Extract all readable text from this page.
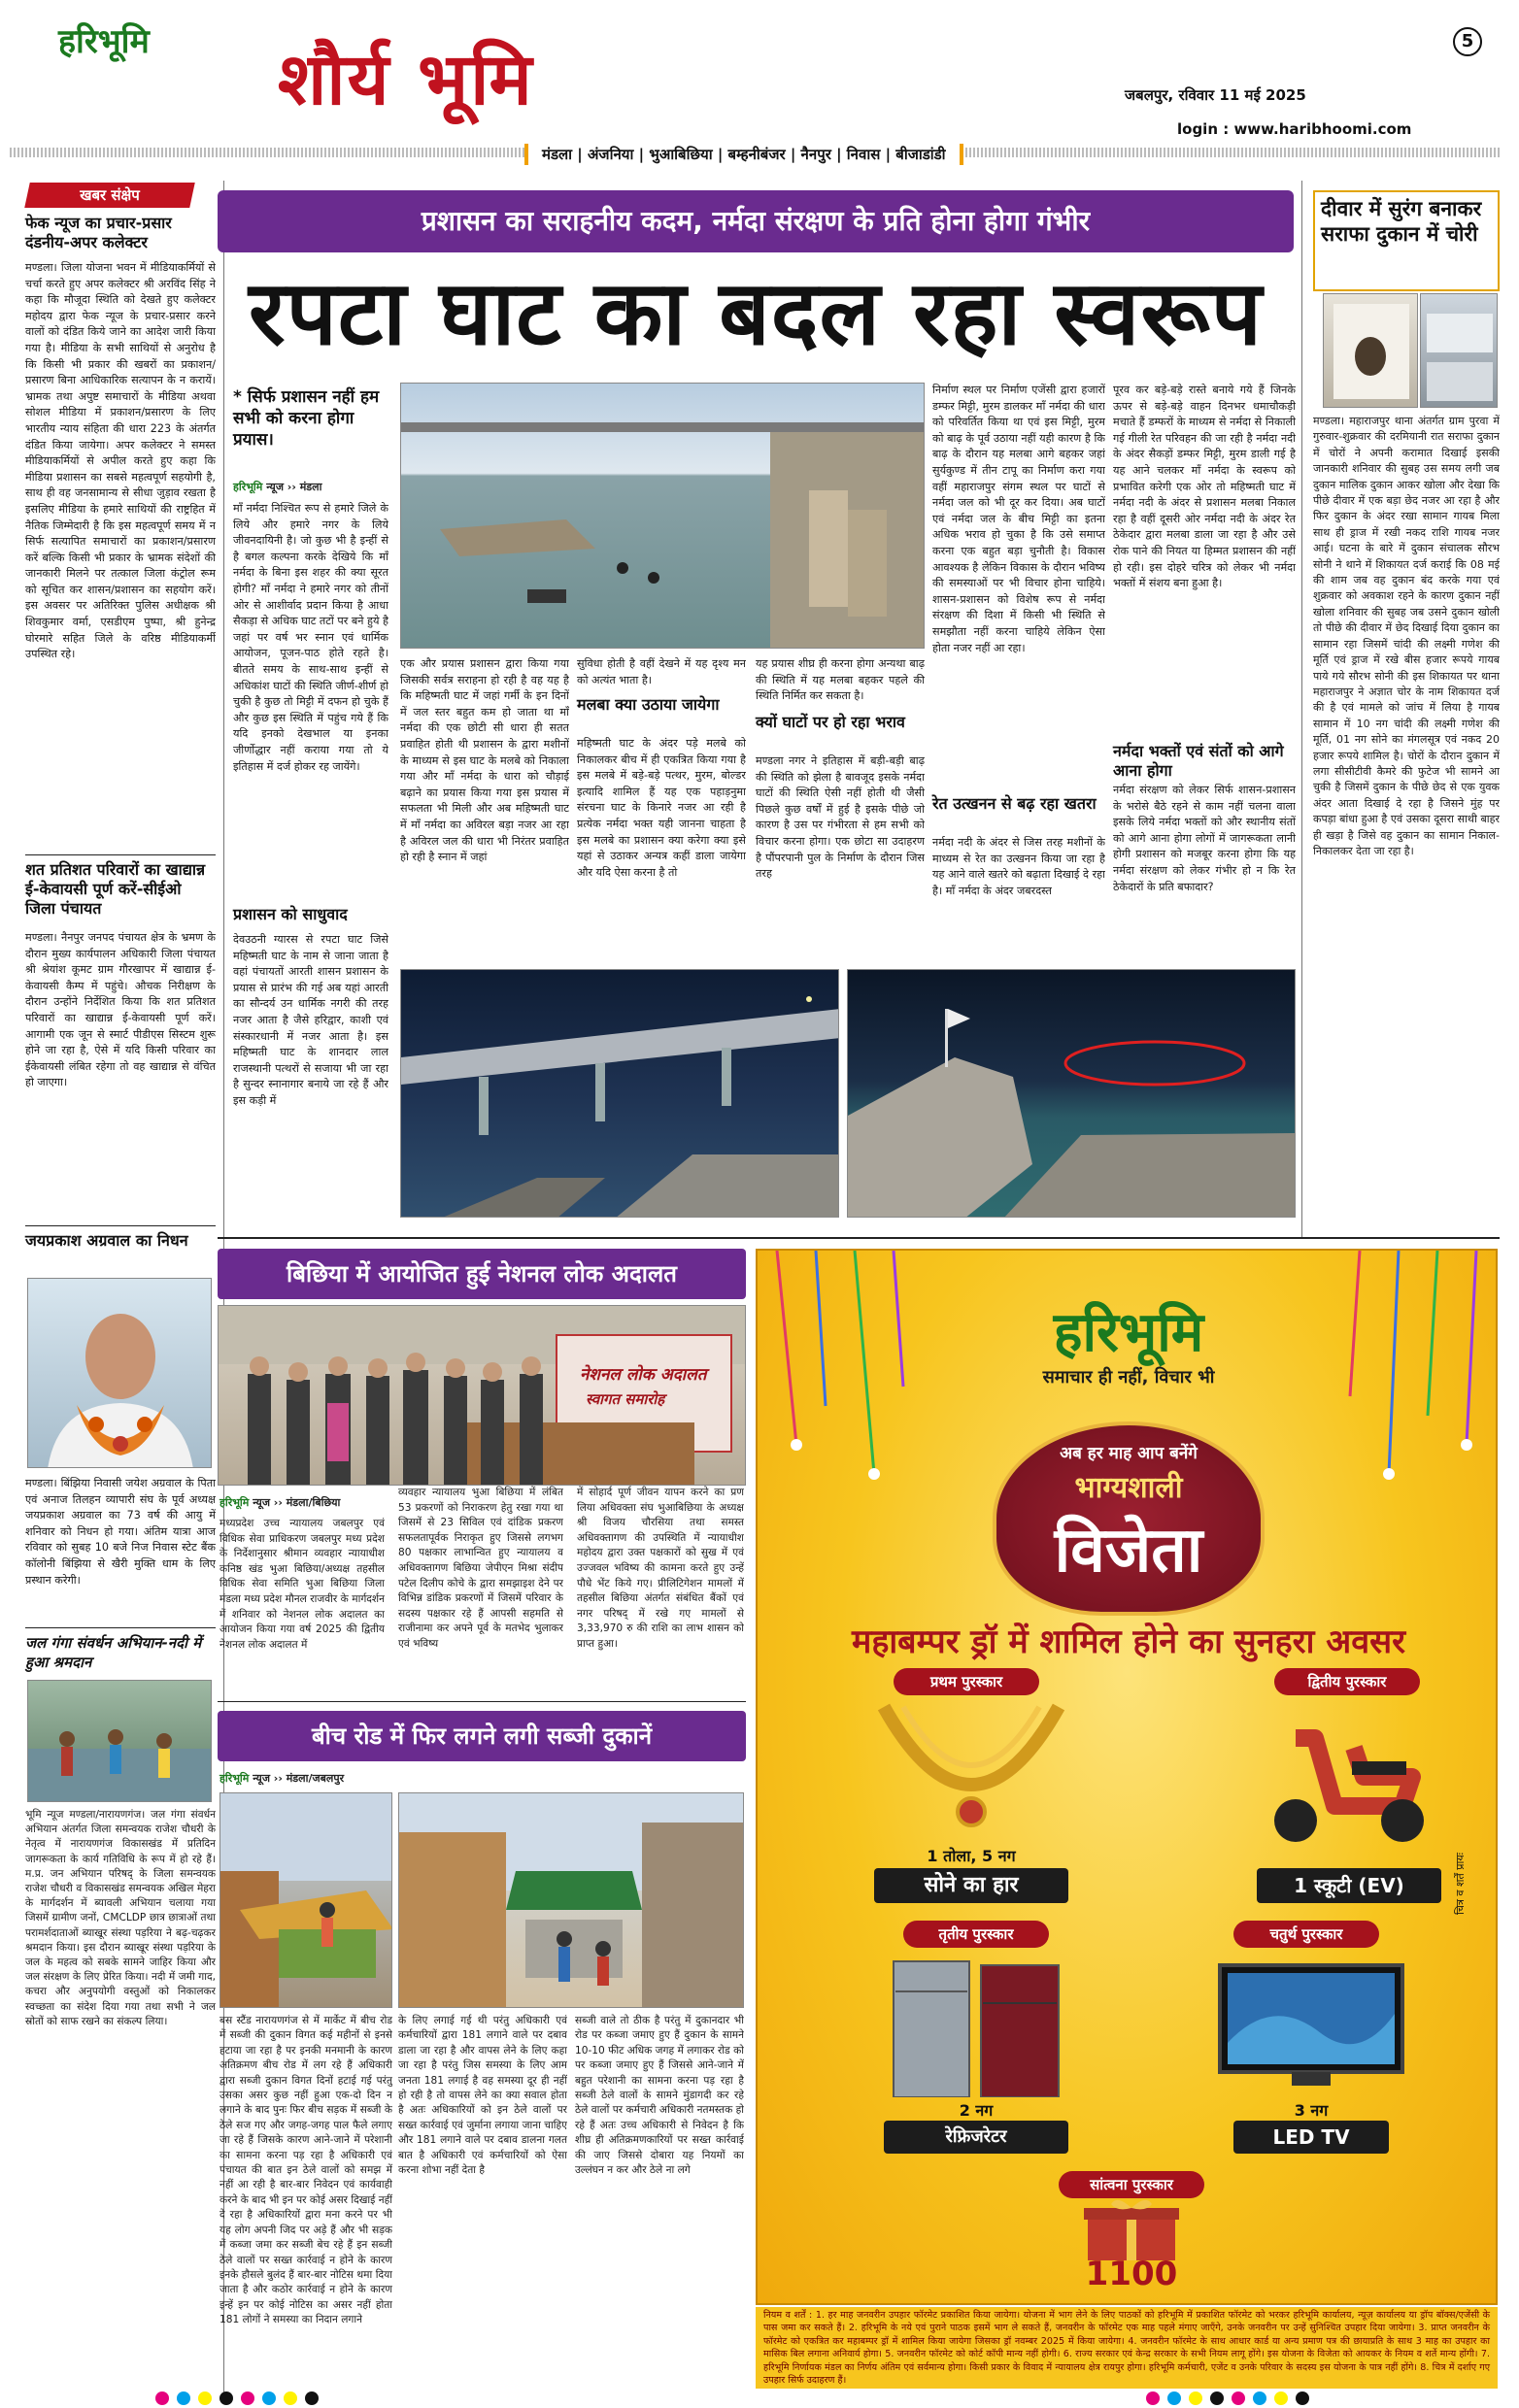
हरिभूमि शौर्य भूमि	5
जबलपुर, रविवार 11 मई 2025
login : www.haribhoomi.com
मंडला | अंजनिया | भुआबिछिया | बम्हनीबंजर | नैनपुर | निवास | बीजाडांडी
खबर संक्षेप
फेक न्यूज का प्रचार-प्रसार दंडनीय-अपर कलेक्टर
मण्डला। जिला योजना भवन में मीडियाकर्मियों से चर्चा करते हुए अपर कलेक्टर श्री अरविंद सिंह ने कहा कि मौजूदा स्थिति को देखते हुए कलेक्टर महोदय द्वारा फेक न्यूज के प्रचार-प्रसार करने वालों को दंडित किये जाने का आदेश जारी किया गया है। मीडिया के सभी साथियों से अनुरोध है कि किसी भी प्रकार की खबरों का प्रकाशन/प्रसारण बिना आधिकारिक सत्यापन के न करायें। भ्रामक तथा अपुष्ट समाचारों के मीडिया अथवा सोशल मीडिया में प्रकाशन/प्रसारण के लिए भारतीय न्याय संहिता की धारा 223 के अंतर्गत दंडित किया जायेगा। अपर कलेक्टर ने समस्त मीडियाकर्मियों से अपील करते हुए कहा कि मीडिया प्रशासन का सबसे महत्वपूर्ण सहयोगी है, साथ ही वह जनसामान्य से सीधा जुड़ाव रखता है इसलिए मीडिया के हमारे साथियों की राष्ट्रहित में नैतिक जिम्मेदारी है कि इस महत्वपूर्ण समय में न सिर्फ सत्यापित समाचारों का प्रकाशन/प्रसारण करें बल्कि किसी भी प्रकार के भ्रामक संदेशों की जानकारी मिलने पर तत्काल जिला कंट्रोल रूम को सूचित कर शासन/प्रशासन का सहयोग करें। इस अवसर पर अतिरिक्त पुलिस अधीक्षक श्री शिवकुमार वर्मा, एसडीएम पुष्पा, श्री हुनेन्द्र घोरमारे सहित जिले के वरिष्ठ मीडियाकर्मी उपस्थित रहे।
शत प्रतिशत परिवारों का खाद्यान्न ई-केवायसी पूर्ण करें-सीईओ जिला पंचायत
मण्डला। नैनपुर जनपद पंचायत क्षेत्र के भ्रमण के दौरान मुख्य कार्यपालन अधिकारी जिला पंचायत श्री श्रेयांश कूमट ग्राम गौरखापर में खाद्यान्न ई-केवायसी कैम्प में पहुंचे। औचक निरीक्षण के दौरान उन्होंने निर्देशित किया कि शत प्रतिशत परिवारों का खाद्यान्न ई-केवायसी पूर्ण करें। आगामी एक जून से स्मार्ट पीडीएस सिस्टम शुरू होने जा रहा है, ऐसे में यदि किसी परिवार का ईकेवायसी लंबित रहेगा तो वह खाद्यान्न से वंचित हो जाएगा।
जयप्रकाश अग्रवाल का निधन
मण्डला। बिंझिया निवासी जयेश अग्रवाल के पिता एवं अनाज तिलहन व्यापारी संघ के पूर्व अध्यक्ष जयप्रकाश अग्रवाल का 73 वर्ष की आयु में शनिवार को निधन हो गया। अंतिम यात्रा आज रविवार को सुबह 10 बजे निज निवास स्टेट बैंक कॉलोनी बिंझिया से खैरी मुक्ति धाम के लिए प्रस्थान करेगी।
जल गंगा संवर्धन अभियान-नदी में हुआ श्रमदान
भूमि न्यूज मण्डला/नारायणगंज। जल गंगा संवर्धन अभियान अंतर्गत जिला समन्वयक राजेश चौधरी के नेतृत्व में नारायणगंज विकासखंड में प्रतिदिन जागरूकता के कार्य गतिविधि के रूप में हो रहे हैं। म.प्र. जन अभियान परिषद् के जिला समन्वयक राजेश चौधरी व विकासखंड समन्वयक अखिल मेहरा के मार्गदर्शन में ब्यावली अभियान चलाया गया जिसमें ग्रामीण जनों, CMCLDP छात्र छात्राओं तथा परामर्शदाताओं ब्याखूर संस्था पड़रिया ने बढ़-चढ़कर श्रमदान किया। इस दौरान ब्याखूर संस्था पड़रिया के जल के महत्व को सबके सामने जाहिर किया और जल संरक्षण के लिए प्रेरित किया। नदी में जमी गाद, कचरा और अनुपयोगी वस्तुओं को निकालकर स्वच्छता का संदेश दिया गया तथा सभी ने जल स्रोतों को साफ रखने का संकल्प लिया।
प्रशासन का सराहनीय कदम, नर्मदा संरक्षण के प्रति होना होगा गंभीर
रपटा घाट का बदल रहा स्वरूप
* सिर्फ प्रशासन नहीं हम सभी को करना होगा प्रयास।
हरिभूमि न्यूज ›› मंडला
माँ नर्मदा निश्चित रूप से हमारे जिले के लिये और हमारे नगर के लिये जीवनदायिनी है। जो कुछ भी है इन्हीं से है बगल कल्पना करके देखिये कि माँ नर्मदा के बिना इस शहर की क्या सूरत होगी? माँ नर्मदा ने हमारे नगर को तीनों ओर से आशीर्वाद प्रदान किया है आधा सैकड़ा से अधिक घाट तटों पर बने हुये है जहां पर वर्ष भर स्नान एवं धार्मिक आयोजन, पूजन-पाठ होते रहते है। बीतते समय के साथ-साथ इन्हीं से अधिकांश घाटों की स्थिति जीर्ण-शीर्ण हो चुकी है कुछ तो मिट्टी में दफन हो चुके हैं और कुछ इस स्थिति में पहुंच गये हैं कि यदि इनको देखभाल या इनका जीर्णोद्धार नहीं कराया गया तो ये इतिहास में दर्ज होकर रह जायेंगे।
प्रशासन को साधुवाद
देवउठनी ग्यारस से रपटा घाट जिसे महिष्मती घाट के नाम से जाना जाता है वहां पंचायतों आरती शासन प्रशासन के प्रयास से प्रारंभ की गई अब यहां आरती का सौन्दर्य उन धार्मिक नगरी की तरह नजर आता है जैसे हरिद्वार, काशी एवं संस्कारधानी में नजर आता है। इस महिष्मती घाट के शानदार लाल राजस्थानी पत्थरों से सजाया भी जा रहा है सुन्दर स्नानागार बनाये जा रहे हैं और इस कड़ी में
एक और प्रयास प्रशासन द्वारा किया गया जिसकी सर्वत्र सराहना हो रही है वह यह है कि महिष्मती घाट में जहां गर्मी के इन दिनों में जल स्तर बहुत कम हो जाता था माँ नर्मदा की एक छोटी सी धारा ही सतत प्रवाहित होती थी प्रशासन के द्वारा मशीनों के माध्यम से इस घाट के मलबे को निकाला गया और माँ नर्मदा के धारा को चौड़ाई बढ़ाने का प्रयास किया गया इस प्रयास में सफलता भी मिली और अब महिष्मती घाट में माँ नर्मदा का अविरल बड़ा नजर आ रहा है अविरल जल की धारा भी निरंतर प्रवाहित हो रही है स्नान में जहां
सुविधा होती है वहीं देखने में यह दृश्य मन को अत्यंत भाता है।
मलबा क्या उठाया जायेगा
महिष्मती घाट के अंदर पड़े मलबे को निकालकर बीच में ही एकत्रित किया गया है इस मलबे में बड़े-बड़े पत्थर, मुरम, बोल्डर इत्यादि शामिल हैं यह एक पहाड़नुमा संरचना घाट के किनारे नजर आ रही है प्रत्येक नर्मदा भक्त यही जानना चाहता है इस मलबे का प्रशासन क्या करेगा क्या इसे यहां से उठाकर अन्यत्र कहीं डाला जायेगा और यदि ऐसा करना है तो
यह प्रयास शीघ्र ही करना होगा अन्यथा बाढ़ की स्थिति में यह मलबा बहकर पहले की स्थिति निर्मित कर सकता है।
क्यों घाटों पर हो रहा भराव
मण्डला नगर ने इतिहास में बड़ी-बड़ी बाढ़ की स्थिति को झेला है बावजूद इसके नर्मदा घाटों की स्थिति ऐसी नहीं होती थी जैसी पिछले कुछ वर्षों में हुई है इसके पीछे जो कारण है उस पर गंभीरता से हम सभी को विचार करना होगा। एक छोटा सा उदाहरण है पौंपरपानी पुल के निर्माण के दौरान जिस तरह
निर्माण स्थल पर निर्माण एजेंसी द्वारा हजारों डम्फर मिट्टी, मुरम डालकर माँ नर्मदा की धारा को परिवर्तित किया था एवं इस मिट्टी, मुरम को बाढ़ के पूर्व उठाया नहीं यही कारण है कि बाढ़ के दौरान यह मलबा आगे बहकर जहां सुर्यकुण्ड में तीन टापू का निर्माण करा गया वहीं महाराजपुर संगम स्थल पर घाटों से नर्मदा जल को भी दूर कर दिया। अब घाटों एवं नर्मदा जल के बीच मिट्टी का इतना अधिक भराव हो चुका है कि उसे समाप्त करना एक बहुत बड़ा चुनौती है। विकास आवश्यक है लेकिन विकास के दौरान भविष्य की समस्याओं पर भी विचार होना चाहिये। शासन-प्रशासन को विशेष रूप से नर्मदा संरक्षण की दिशा में किसी भी स्थिति से समझौता नहीं करना चाहिये लेकिन ऐसा होता नजर नहीं आ रहा।
रेत उत्खनन से बढ़ रहा खतरा
नर्मदा नदी के अंदर से जिस तरह मशीनों के माध्यम से रेत का उत्खनन किया जा रहा है यह आने वाले खतरे को बढ़ाता दिखाई दे रहा है। माँ नर्मदा के अंदर जबरदस्त
पूरव कर बड़े-बड़े रास्ते बनाये गये हैं जिनके ऊपर से बड़े-बड़े वाहन दिनभर धमाचौकड़ी मचाते हैं डम्फरों के माध्यम से नर्मदा से निकाली गई गीली रेत परिवहन की जा रही है नर्मदा नदी के अंदर सैकड़ों डम्फर मिट्टी, मुरम डाली गई है यह आने चलकर माँ नर्मदा के स्वरूप को प्रभावित करेगी एक ओर तो महिष्मती घाट में नर्मदा नदी के अंदर से प्रशासन मलबा निकाल रहा है वहीं दूसरी ओर नर्मदा नदी के अंदर रेत ठेकेदार द्वारा मलबा डाला जा रहा है और उसे रोक पाने की नियत या हिम्मत प्रशासन की नहीं हो रही। इस दोहरे चरित्र को लेकर भी नर्मदा भक्तों में संशय बना हुआ है।
नर्मदा भक्तों एवं संतों को आगे आना होगा
नर्मदा संरक्षण को लेकर सिर्फ शासन-प्रशासन के भरोसे बैठे रहने से काम नहीं चलना वाला इसके लिये नर्मदा भक्तों को और स्थानीय संतों को आगे आना होगा लोगों में जागरूकता लानी होगी प्रशासन को मजबूर करना होगा कि यह नर्मदा संरक्षण को लेकर गंभीर हो न कि रेत ठेकेदारों के प्रति बफादार?
दीवार में सुरंग बनाकर सराफा दुकान में चोरी
मण्डला। महाराजपुर थाना अंतर्गत ग्राम पुरवा में गुरुवार-शुक्रवार की दरमियानी रात सराफा दुकान में चोरों ने अपनी करामात दिखाई इसकी जानकारी शनिवार की सुबह उस समय लगी जब दुकान मालिक दुकान आकर खोला और देखा कि पीछे दीवार में एक बड़ा छेद नजर आ रहा है और फिर दुकान के अंदर रखा सामान गायब मिला साथ ही ड्राज में रखी नकद राशि गायब नजर आई। घटना के बारे में दुकान संचालक सौरभ सोनी ने थाने में शिकायत दर्ज कराई कि 08 मई की शाम जब वह दुकान बंद करके गया एवं शुक्रवार को अवकाश रहने के कारण दुकान नहीं खोला शनिवार की सुबह जब उसने दुकान खोली तो पीछे की दीवार में छेद दिखाई दिया दुकान का सामान रहा जिसमें चांदी की लक्ष्मी गणेश की मूर्ति एवं ड्राज में रखे बीस हजार रूपये गायब पाये गये सौरभ सोनी की इस शिकायत पर थाना महाराजपुर ने अज्ञात चोर के नाम शिकायत दर्ज की है एवं मामले को जांच में लिया है गायब सामान में 10 नग चांदी की लक्ष्मी गणेश की मूर्ति, 01 नग सोने का मंगलसूत्र एवं नकद 20 हजार रूपये शामिल है। चोरों के दौरान दुकान में लगा सीसीटीवी कैमरे की फुटेज भी सामने आ चुकी है जिसमें दुकान के पीछे छेद से एक युवक अंदर आता दिखाई दे रहा है जिसने मुंह पर कपड़ा बांधा हुआ है एवं उसका दूसरा साथी बाहर ही खड़ा है जिसे वह दुकान का सामान निकाल-निकालकर देता जा रहा है।
बिछिया में आयोजित हुई नेशनल लोक अदालत
नेशनल लोक अदालत
स्वागत समारोह
हरिभूमि न्यूज ›› मंडला/बिछिया
मध्यप्रदेश उच्च न्यायालय जबलपुर एवं विधिक सेवा प्राधिकरण जबलपुर मध्य प्रदेश के निर्देशानुसार श्रीमान व्यवहार न्यायाधीश कनिष्ठ खंड भुआ बिछिया/अध्यक्ष तहसील विधिक सेवा समिति भुआ बिछिया जिला मंडला मध्य प्रदेश मौनल राजवीर के मार्गदर्शन में शनिवार को नेशनल लोक अदालत का आयोजन किया गया वर्ष 2025 की द्वितीय नेशनल लोक अदालत में
व्यवहार न्यायालय भुआ बिछिया में लंबित 53 प्रकरणों को निराकरण हेतु रखा गया था जिसमें से 23 सिविल एवं दांडिक प्रकरण सफलतापूर्वक निराकृत हुए जिससे लगभग 80 पक्षकार लाभान्वित हुए न्यायालय व अधिवक्तागण बिछिया जेपीएन मिश्रा संदीप पटेल दिलीप कोचे के द्वारा समझाइश देने पर विभिन्न डांडिक प्रकरणों में जिसमें परिवार के सदस्य पक्षकार रहे हैं आपसी सहमति से राजीनामा कर अपने पूर्व के मतभेद भुलाकर एवं भविष्य
में सोहार्द पूर्ण जीवन यापन करने का प्रण लिया अधिवक्ता संघ भुआबिछिया के अध्यक्ष श्री विजय चौरसिया तथा समस्त अधिवक्तागण की उपस्थिति में न्यायाधीश महोदय द्वारा उक्त पक्षकारों को सुख में एवं उज्जवल भविष्य की कामना करते हुए उन्हें पौधे भेंट किये गए। प्रीलिटिगेशन मामलों में तहसील बिछिया अंतर्गत संबंधित बैंकों एवं नगर परिषद् में रखे गए मामलों से 3,33,970 रु की राशि का लाभ शासन को प्राप्त हुआ।
बीच रोड में फिर लगने लगी सब्जी दुकानें
हरिभूमि न्यूज ›› मंडला/जबलपुर
हरिभूमि
समाचार ही नहीं, विचार भी
अब हर माह आप बनेंगे
भाग्यशाली
विजेता
महाबम्पर ड्रॉ में शामिल होने का सुनहरा अवसर
प्रथम पुरस्कार
1 तोला, 5 नग
सोने का हार
द्वितीय पुरस्कार
1 स्कूटी (EV)
तृतीय पुरस्कार
2 नग
रेफ्रिजरेटर
चतुर्थ पुरस्कार
3 नग
LED TV
सांत्वना पुरस्कार
1100
चित्र व शर्तें प्रायः
नियम व शर्तें : 1. हर माह जनवरीन उपहार फॉरमेट प्रकाशित किया जायेगा। योजना में भाग लेने के लिए पाठकों को हरिभूमि में प्रकाशित फॉरमेट को भरकर हरिभूमि कार्यालय, न्यूज़ कार्यालय या ड्रॉप बॉक्स/एजेंसी के पास जमा कर सकते हैं। 2. हरिभूमि के नये एवं पुराने पाठक इसमें भाग ले सकते हैं, जनवरीन के फॉरमेट एक माह पहले मंगाए जाएँगे, उनके जनवरीन पर उन्हें सुनिश्चित उपहार दिया जायेगा। 3. प्राप्त जनवरीन के फॉरमेट को एकत्रित कर महाबम्पर ड्रॉ में शामिल किया जायेगा जिसका ड्रॉ नवम्बर 2025 में किया जायेगा। 4. जनवरीन फॉरमेट के साथ आधार कार्ड या अन्य प्रमाण पत्र की छायाप्रति के साथ 3 माह का उपहार का मासिक बिल लगाना अनिवार्य होगा। 5. जनवरीन फॉरमेट को कोर्ट कॉपी मान्य नहीं होगी। 6. राज्य सरकार एवं केन्द्र सरकार के सभी नियम लागू होंगे। इस योजना के विजेता को आयकर के नियम व शर्ते मान्य होंगी। 7. हरिभूमि निर्णायक मंडल का निर्णय अंतिम एवं सर्वमान्य होगा। किसी प्रकार के विवाद में न्यायालय क्षेत्र रायपुर होगा। हरिभूमि कर्मचारी, एजेंट व उनके परिवार के सदस्य इस योजना के पात्र नहीं होंगे। 8. चित्र में दर्शाए गए उपहार सिर्फ उदाहरण हैं।
बस स्टैंड नारायणगंज से में मार्केट में बीच रोड में सब्जी की दुकान विगत कई महीनों से इनसे हटाया जा रहा है पर इनकी मनमानी के कारण अतिक्रमण बीच रोड में लग रहे हैं अधिकारी द्वारा सब्जी दुकान विगत दिनों हटाई गई परंतु उसका असर कुछ नहीं हुआ एक-दो दिन न लगाने के बाद पुनः फिर बीच सड़क में सब्जी के ठेले सज गए और जगह-जगह पाल फैले लगाए जा रहे हैं जिसके कारण आने-जाने में परेशानी का सामना करना पड़ रहा है अधिकारी एवं पंचायत की बात इन ठेले वालों को समझ में नहीं आ रही है बार-बार निवेदन एवं कार्यवाही करने के बाद भी इन पर कोई असर दिखाई नहीं दे रहा है अधिकारियों द्वारा मना करने पर भी यह लोग अपनी जिद पर अड़े हैं और भी सड़क में कब्जा जमा कर सब्जी बेच रहे हैं इन सब्जी ठेले वालों पर सख्त कार्रवाई न होने के कारण इनके हौसले बुलंद हैं बार-बार नोटिस थमा दिया जाता है और कठोर कार्रवाई न होने के कारण इन्हें इन पर कोई नोटिस का असर नहीं होता 181 लोगों ने समस्या का निदान लगाने
के लिए लगाई गई थी परंतु अधिकारी एवं कर्मचारियों द्वारा 181 लगाने वाले पर दबाव डाला जा रहा है और वापस लेने के लिए कहा जा रहा है परंतु जिस समस्या के लिए आम जनता 181 लगाई है वह समस्या दूर ही नहीं हो रही है तो वापस लेने का क्या सवाल होता है अतः अधिकारियों को इन ठेले वालों पर सख्त कार्रवाई एवं जुर्माना लगाया जाना चाहिए और 181 लगाने वाले पर दबाव डालना गलत बात है अधिकारी एवं कर्मचारियों को ऐसा करना शोभा नहीं देता है
सब्जी वाले तो ठीक है परंतु में दुकानदार भी रोड पर कब्जा जमाए हुए हैं दुकान के सामने 10-10 फीट अधिक जगह में लगाकर रोड को पर कब्जा जमाए हुए हैं जिससे आने-जाने में बहुत परेशानी का सामना करना पड़ रहा है सब्जी ठेले वालों के सामने मुंडागदी कर रहे ठेले वालों पर कर्मचारी अधिकारी नतमस्तक हो रहे हैं अतः उच्च अधिकारी से निवेदन है कि शीघ्र ही अतिक्रमणकारियों पर सख्त कार्रवाई की जाए जिससे दोबारा यह नियमों का उल्लंघन न कर और ठेले ना लगे
